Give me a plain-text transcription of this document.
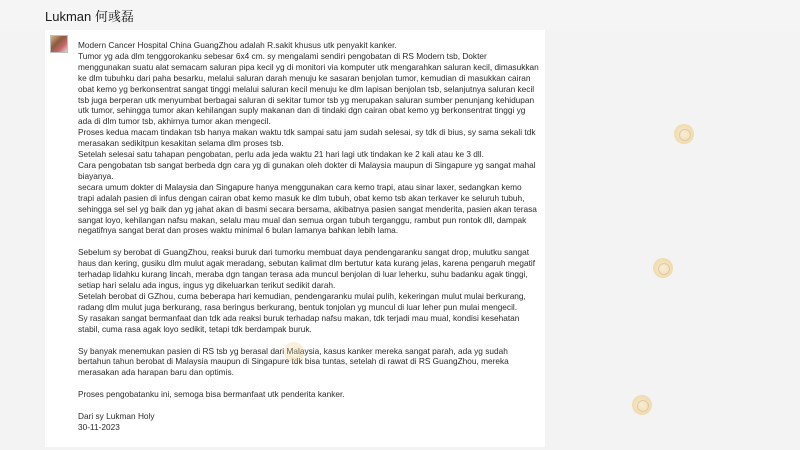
Lukman 何彧磊

Modern Cancer Hospital China GuangZhou adalah R.sakit khusus utk penyakit kanker.

Tumor yg ada dlm tenggorokanku sebesar 6x4 cm. sy mengalami sendiri pengobatan di RS Modern tsb, Dokter menggunakan suatu alat semacam saluran pipa kecil yg di monitori via komputer utk mengarahkan saluran kecil, dimasukkan ke dlm tubuhku dari paha besarku, melalui saluran darah menuju ke sasaran benjolan tumor, kemudian di masukkan cairan obat kemo yg berkonsentrat sangat tinggi melalui saluran kecil menuju ke dlm lapisan benjolan tsb, selanjutnya saluran kecil tsb juga berperan utk menyumbat berbagai saluran di sekitar tumor tsb yg merupakan saluran sumber penunjang kehidupan utk tumor, sehingga tumor akan kehilangan suply makanan dan di tindaki dgn cairan obat kemo yg berkonsentrat tinggi yg ada di dlm tumor tsb, akhirnya tumor akan mengecil.

Proses kedua macam tindakan tsb hanya makan waktu tdk sampai satu jam sudah selesai, sy tdk di bius, sy sama sekali tdk merasakan sedikitpun kesakitan selama dlm proses tsb.

Setelah selesai satu tahapan pengobatan, perlu ada jeda waktu 21 hari lagi utk tindakan ke 2 kali atau ke 3 dll.

Cara pengobatan tsb sangat berbeda dgn cara yg di gunakan oleh dokter di Malaysia maupun di Singapure yg sangat mahal biayanya.

secara umum dokter di Malaysia dan Singapure hanya menggunakan cara kemo trapi, atau sinar laxer, sedangkan kemo trapi adalah pasien di infus dengan cairan obat kemo masuk ke dlm tubuh, obat kemo tsb akan terkaver ke seluruh tubuh, sehingga sel sel yg baik dan yg jahat akan di basmi secara bersama, akibatnya pasien sangat menderita, pasien akan terasa sangat loyo, kehilangan nafsu makan, selalu mau mual dan semua organ tubuh terganggu, rambut pun rontok dll, dampak negatifnya sangat berat dan proses waktu minimal 6 bulan lamanya bahkan lebih lama.

Sebelum sy berobat di GuangZhou, reaksi buruk dari tumorku membuat daya pendengaranku sangat drop, mulutku sangat haus dan kering, gusiku dlm mulut agak meradang, sebutan kalimat dlm bertutur kata kurang jelas, karena pengaruh megatif terhadap lidahku kurang lincah, meraba dgn tangan terasa ada muncul benjolan di luar leherku, suhu badanku agak tinggi, setiap hari selalu ada ingus, ingus yg dikeluarkan terikut sedikit darah.

Setelah berobat di GZhou, cuma beberapa hari kemudian, pendengaranku mulai pulih, kekeringan mulut mulai berkurang, radang dlm mulut juga berkurang, rasa beringus berkurang, bentuk tonjolan yg muncul di luar leher pun mulai mengecil.

Sy rasakan sangat bermanfaat dan tdk ada reaksi buruk terhadap nafsu makan, tdk terjadi mau mual, kondisi kesehatan stabil, cuma rasa agak loyo sedikit, tetapi tdk berdampak buruk.

Sy banyak menemukan pasien di RS tsb yg berasal dari Malaysia, kasus kanker mereka sangat parah, ada yg sudah bertahun tahun berobat di Malaysia maupun di Singapure tdk bisa tuntas, setelah di rawat di RS GuangZhou, mereka merasakan ada harapan baru dan optimis.

Proses pengobatanku ini, semoga bisa bermanfaat utk penderita kanker.

Dari sy Lukman Holy

30-11-2023
